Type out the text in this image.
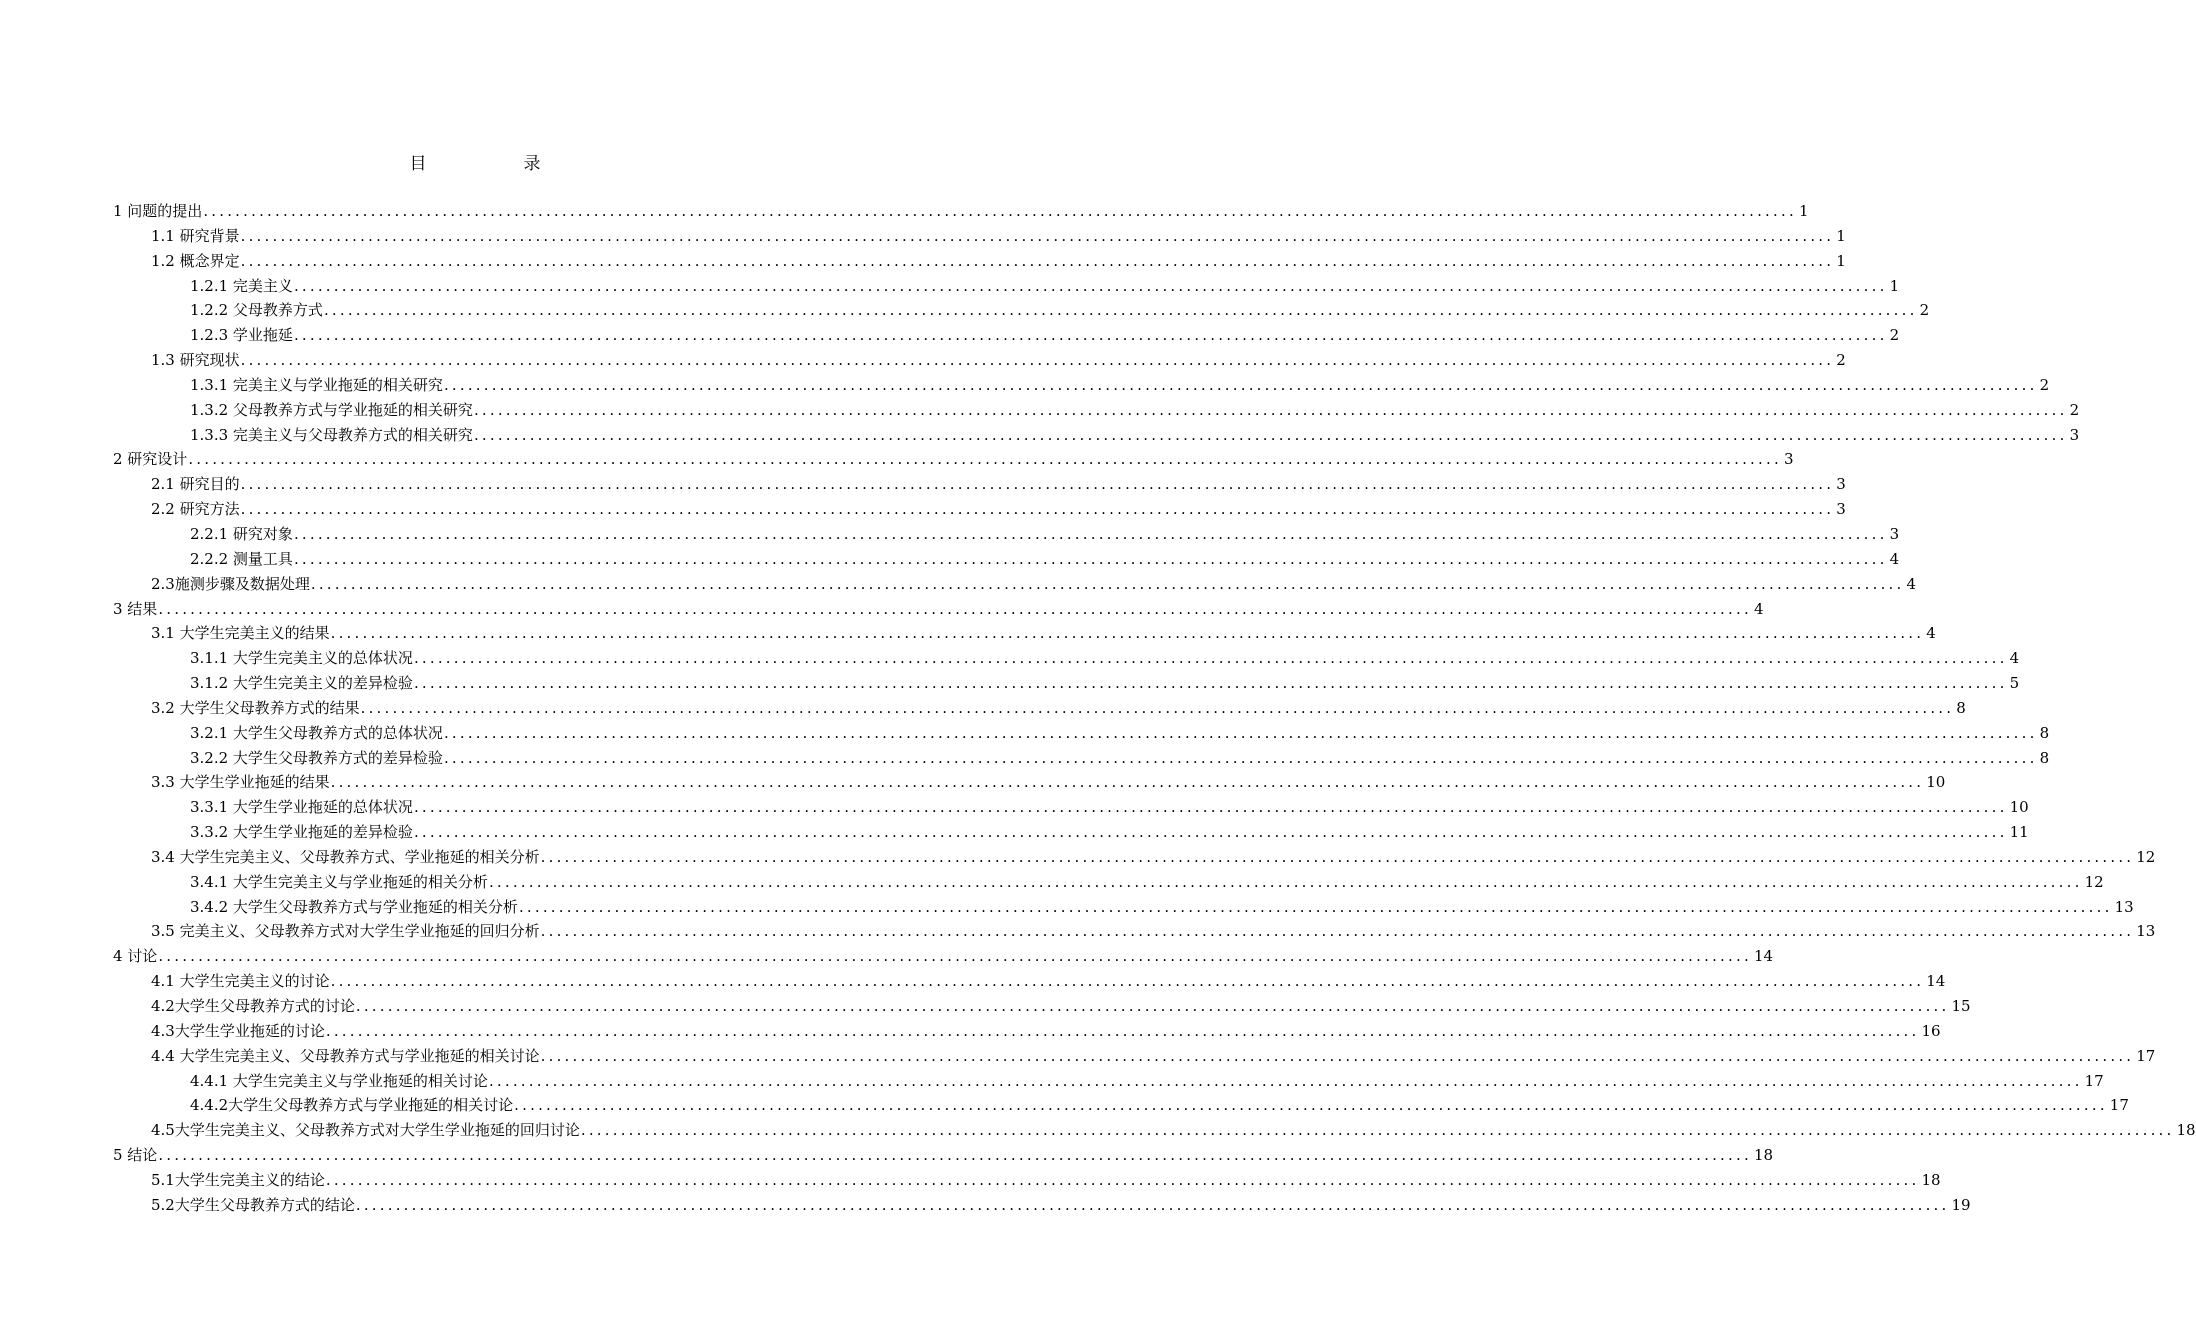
目　录
1 问题的提出 ........................................................................................................................................................................................................ 1
1.1 研究背景 ........................................................................................................................................................................................................ 1
1.2 概念界定 ........................................................................................................................................................................................................ 1
1.2.1 完美主义 ........................................................................................................................................................................................................ 1
1.2.2 父母教养方式 ........................................................................................................................................................................................................ 2
1.2.3 学业拖延 ........................................................................................................................................................................................................ 2
1.3 研究现状 ........................................................................................................................................................................................................ 2
1.3.1 完美主义与学业拖延的相关研究 ........................................................................................................................................................................................................ 2
1.3.2 父母教养方式与学业拖延的相关研究 ........................................................................................................................................................................................................ 2
1.3.3 完美主义与父母教养方式的相关研究 ........................................................................................................................................................................................................ 3
2 研究设计 ........................................................................................................................................................................................................ 3
2.1 研究目的 ........................................................................................................................................................................................................ 3
2.2 研究方法 ........................................................................................................................................................................................................ 3
2.2.1 研究对象 ........................................................................................................................................................................................................ 3
2.2.2 测量工具 ........................................................................................................................................................................................................ 4
2.3施测步骤及数据处理 ........................................................................................................................................................................................................ 4
3 结果 ........................................................................................................................................................................................................ 4
3.1 大学生完美主义的结果 ........................................................................................................................................................................................................ 4
3.1.1 大学生完美主义的总体状况 ........................................................................................................................................................................................................ 4
3.1.2 大学生完美主义的差异检验 ........................................................................................................................................................................................................ 5
3.2 大学生父母教养方式的结果 ........................................................................................................................................................................................................ 8
3.2.1 大学生父母教养方式的总体状况 ........................................................................................................................................................................................................ 8
3.2.2 大学生父母教养方式的差异检验 ........................................................................................................................................................................................................ 8
3.3 大学生学业拖延的结果 ........................................................................................................................................................................................................ 10
3.3.1 大学生学业拖延的总体状况 ........................................................................................................................................................................................................ 10
3.3.2 大学生学业拖延的差异检验 ........................................................................................................................................................................................................ 11
3.4 大学生完美主义、父母教养方式、学业拖延的相关分析 ........................................................................................................................................................................................................ 12
3.4.1 大学生完美主义与学业拖延的相关分析 ........................................................................................................................................................................................................ 12
3.4.2 大学生父母教养方式与学业拖延的相关分析 ........................................................................................................................................................................................................ 13
3.5 完美主义、父母教养方式对大学生学业拖延的回归分析 ........................................................................................................................................................................................................ 13
4 讨论 ........................................................................................................................................................................................................ 14
4.1 大学生完美主义的讨论 ........................................................................................................................................................................................................ 14
4.2大学生父母教养方式的讨论 ........................................................................................................................................................................................................ 15
4.3大学生学业拖延的讨论 ........................................................................................................................................................................................................ 16
4.4 大学生完美主义、父母教养方式与学业拖延的相关讨论 ........................................................................................................................................................................................................ 17
4.4.1 大学生完美主义与学业拖延的相关讨论 ........................................................................................................................................................................................................ 17
4.4.2大学生父母教养方式与学业拖延的相关讨论 ........................................................................................................................................................................................................ 17
4.5大学生完美主义、父母教养方式对大学生学业拖延的回归讨论 ........................................................................................................................................................................................................ 18
5 结论 ........................................................................................................................................................................................................ 18
5.1大学生完美主义的结论 ........................................................................................................................................................................................................ 18
5.2大学生父母教养方式的结论 ........................................................................................................................................................................................................ 19
